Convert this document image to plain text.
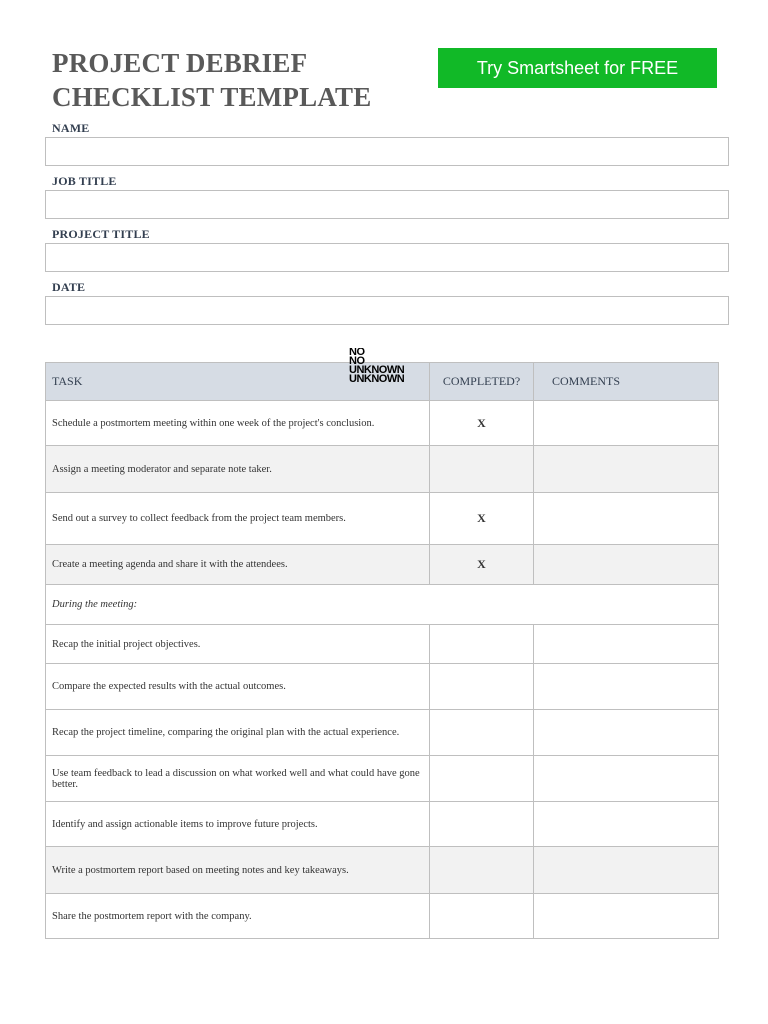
PROJECT DEBRIEF
CHECKLIST TEMPLATE
Try Smartsheet for FREE
NAME
JOB TITLE
PROJECT TITLE
DATE
TASK	COMPLETED?	COMMENTS
Schedule a postmortem meeting within one week of the project's conclusion.	X	
Assign a meeting moderator and separate note taker.		
Send out a survey to collect feedback from the project team members.	X	
Create a meeting agenda and share it with the attendees.	X	
During the meeting:		
Recap the initial project objectives.		
Compare the expected results with the actual outcomes.		
Recap the project timeline, comparing the original plan with the actual experience.		
Use team feedback to lead a discussion on what worked well and what could have gone better.		
Identify and assign actionable items to improve future projects.		
Write a postmortem report based on meeting notes and key takeaways.		
Share the postmortem report with the company.		
NO
NO
UNKNOWN
UNKNOWN
